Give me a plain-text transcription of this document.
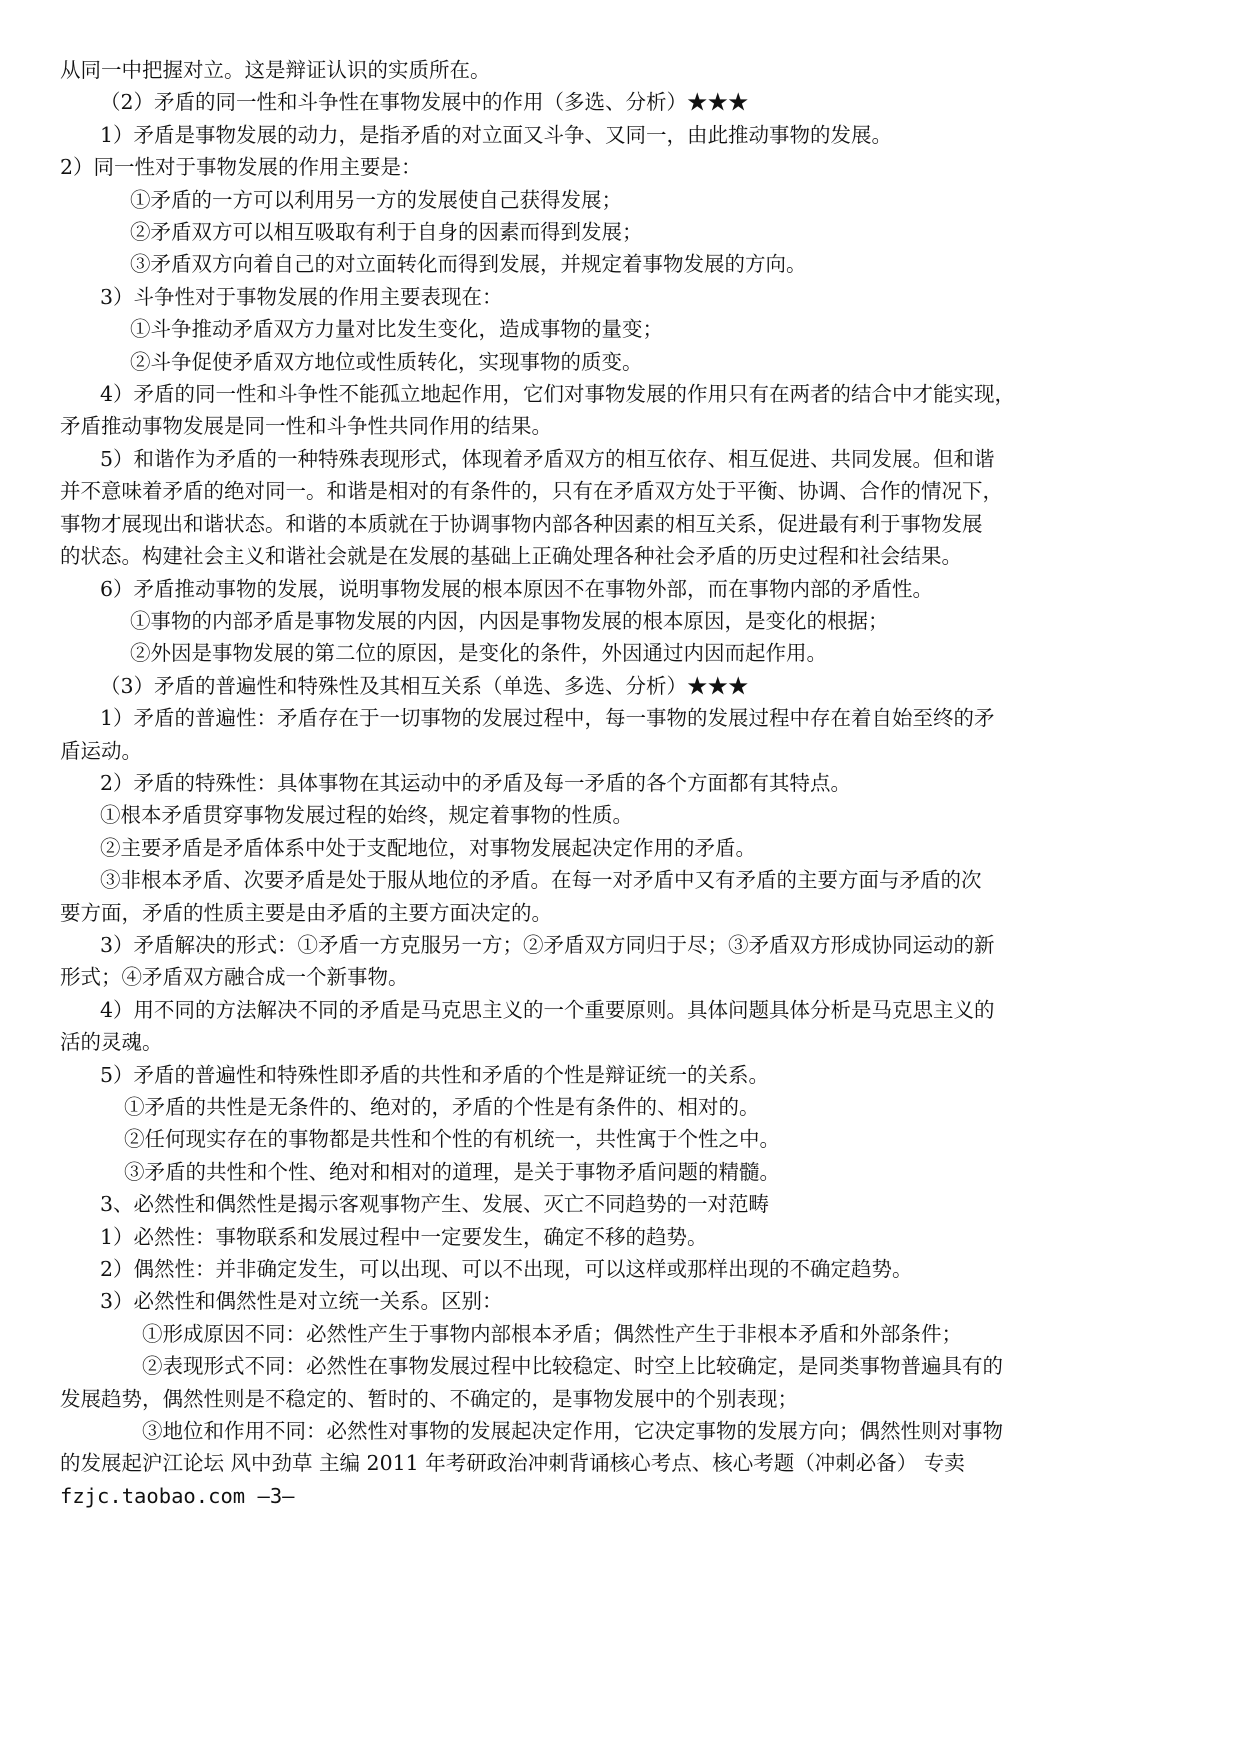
从同一中把握对立。这是辩证认识的实质所在。
（2）矛盾的同一性和斗争性在事物发展中的作用（多选、分析）★★★
1）矛盾是事物发展的动力，是指矛盾的对立面又斗争、又同一，由此推动事物的发展。
2）同一性对于事物发展的作用主要是：
①矛盾的一方可以利用另一方的发展使自己获得发展；
②矛盾双方可以相互吸取有利于自身的因素而得到发展；
③矛盾双方向着自己的对立面转化而得到发展，并规定着事物发展的方向。
3）斗争性对于事物发展的作用主要表现在：
①斗争推动矛盾双方力量对比发生变化，造成事物的量变；
②斗争促使矛盾双方地位或性质转化，实现事物的质变。
4）矛盾的同一性和斗争性不能孤立地起作用，它们对事物发展的作用只有在两者的结合中才能实现，
矛盾推动事物发展是同一性和斗争性共同作用的结果。
5）和谐作为矛盾的一种特殊表现形式，体现着矛盾双方的相互依存、相互促进、共同发展。但和谐
并不意味着矛盾的绝对同一。和谐是相对的有条件的，只有在矛盾双方处于平衡、协调、合作的情况下，
事物才展现出和谐状态。和谐的本质就在于协调事物内部各种因素的相互关系，促进最有利于事物发展
的状态。构建社会主义和谐社会就是在发展的基础上正确处理各种社会矛盾的历史过程和社会结果。
6）矛盾推动事物的发展，说明事物发展的根本原因不在事物外部，而在事物内部的矛盾性。
①事物的内部矛盾是事物发展的内因，内因是事物发展的根本原因，是变化的根据；
②外因是事物发展的第二位的原因，是变化的条件，外因通过内因而起作用。
（3）矛盾的普遍性和特殊性及其相互关系（单选、多选、分析）★★★
1）矛盾的普遍性：矛盾存在于一切事物的发展过程中，每一事物的发展过程中存在着自始至终的矛
盾运动。
2）矛盾的特殊性：具体事物在其运动中的矛盾及每一矛盾的各个方面都有其特点。
①根本矛盾贯穿事物发展过程的始终，规定着事物的性质。
②主要矛盾是矛盾体系中处于支配地位，对事物发展起决定作用的矛盾。
③非根本矛盾、次要矛盾是处于服从地位的矛盾。在每一对矛盾中又有矛盾的主要方面与矛盾的次
要方面，矛盾的性质主要是由矛盾的主要方面决定的。
3）矛盾解决的形式：①矛盾一方克服另一方；②矛盾双方同归于尽；③矛盾双方形成协同运动的新
形式；④矛盾双方融合成一个新事物。
4）用不同的方法解决不同的矛盾是马克思主义的一个重要原则。具体问题具体分析是马克思主义的
活的灵魂。
5）矛盾的普遍性和特殊性即矛盾的共性和矛盾的个性是辩证统一的关系。
①矛盾的共性是无条件的、绝对的，矛盾的个性是有条件的、相对的。
②任何现实存在的事物都是共性和个性的有机统一，共性寓于个性之中。
③矛盾的共性和个性、绝对和相对的道理，是关于事物矛盾问题的精髓。
3、必然性和偶然性是揭示客观事物产生、发展、灭亡不同趋势的一对范畴
1）必然性：事物联系和发展过程中一定要发生，确定不移的趋势。
2）偶然性：并非确定发生，可以出现、可以不出现，可以这样或那样出现的不确定趋势。
3）必然性和偶然性是对立统一关系。区别：
①形成原因不同：必然性产生于事物内部根本矛盾；偶然性产生于非根本矛盾和外部条件；
②表现形式不同：必然性在事物发展过程中比较稳定、时空上比较确定，是同类事物普遍具有的
发展趋势，偶然性则是不稳定的、暂时的、不确定的，是事物发展中的个别表现；
③地位和作用不同：必然性对事物的发展起决定作用，它决定事物的发展方向；偶然性则对事物
的发展起沪江论坛 风中劲草 主编 2011 年考研政治冲刺背诵核心考点、核心考题（冲刺必备） 专卖
fzjc.taobao.com —3—
